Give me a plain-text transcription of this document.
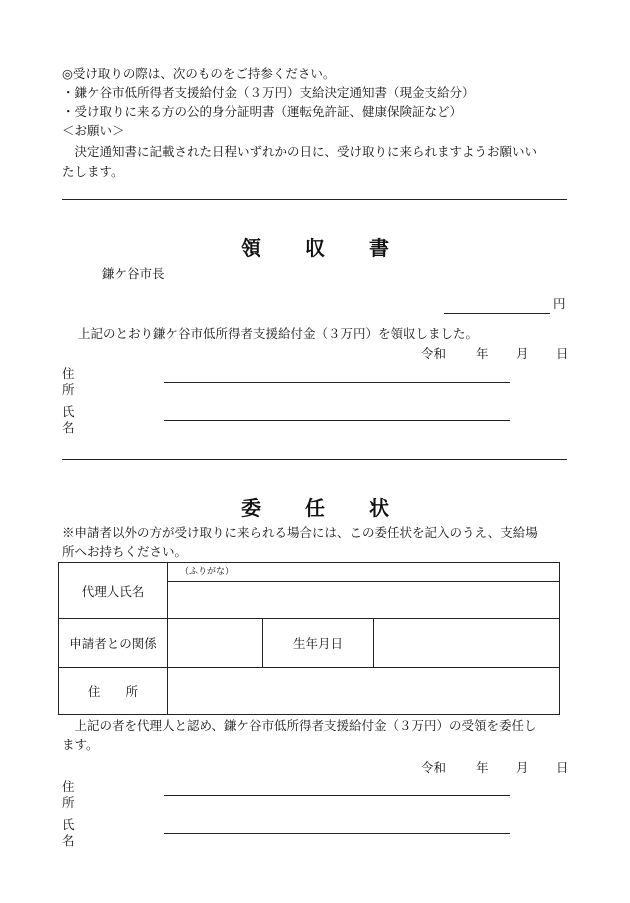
◎受け取りの際は、次のものをご持参ください。
・鎌ケ谷市低所得者支援給付金（３万円）支給決定通知書（現金支給分）
・受け取りに来る方の公的身分証明書（運転免許証、健康保険証など）
＜お願い＞
　決定通知書に記載された日程いずれかの日に、受け取りに来られますようお願いい
たします。
領 収 書
鎌ケ谷市長
円
上記のとおり鎌ケ谷市低所得者支援給付金（３万円）を領収しました。
令和 年 月 日
住所
氏名
委 任 状
※申請者以外の方が受け取りに来られる場合には、この委任状を記入のうえ、支給場
所へお持ちください。
代理人氏名	（ふりがな）		

申請者との関係		生年月日	
住　　所			
　上記の者を代理人と認め、鎌ケ谷市低所得者支援給付金（３万円）の受領を委任し
ます。
令和 年 月 日
住所
氏名
